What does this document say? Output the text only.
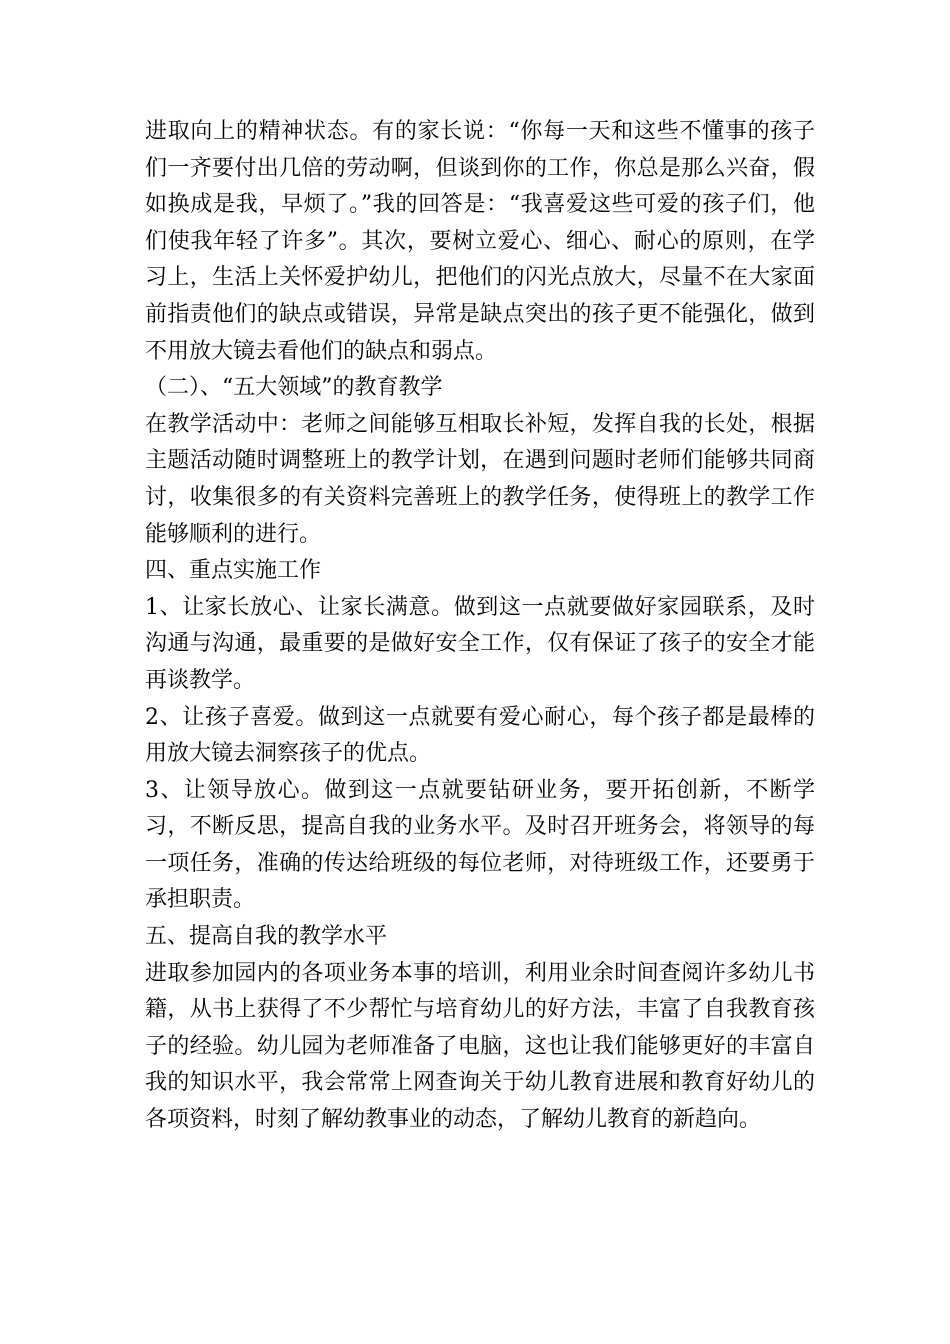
进取向上的精神状态。有的家长说：“你每一天和这些不懂事的孩子们一齐要付出几倍的劳动啊，但谈到你的工作，你总是那么兴奋，假如换成是我，早烦了。”我的回答是：“我喜爱这些可爱的孩子们，他们使我年轻了许多”。其次，要树立爱心、细心、耐心的原则，在学习上，生活上关怀爱护幼儿，把他们的闪光点放大，尽量不在大家面前指责他们的缺点或错误，异常是缺点突出的孩子更不能强化，做到不用放大镜去看他们的缺点和弱点。

（二）、“五大领域”的教育教学

在教学活动中：老师之间能够互相取长补短，发挥自我的长处，根据主题活动随时调整班上的教学计划，在遇到问题时老师们能够共同商讨，收集很多的有关资料完善班上的教学任务，使得班上的教学工作能够顺利的进行。

四、重点实施工作

1、让家长放心、让家长满意。做到这一点就要做好家园联系，及时沟通与沟通，最重要的是做好安全工作，仅有保证了孩子的安全才能再谈教学。

2、让孩子喜爱。做到这一点就要有爱心耐心，每个孩子都是最棒的用放大镜去洞察孩子的优点。

3、让领导放心。做到这一点就要钻研业务，要开拓创新，不断学习，不断反思，提高自我的业务水平。及时召开班务会，将领导的每一项任务，准确的传达给班级的每位老师，对待班级工作，还要勇于承担职责。

五、提高自我的教学水平

进取参加园内的各项业务本事的培训，利用业余时间查阅许多幼儿书籍，从书上获得了不少帮忙与培育幼儿的好方法，丰富了自我教育孩子的经验。幼儿园为老师准备了电脑，这也让我们能够更好的丰富自我的知识水平，我会常常上网查询关于幼儿教育进展和教育好幼儿的各项资料，时刻了解幼教事业的动态，了解幼儿教育的新趋向。
